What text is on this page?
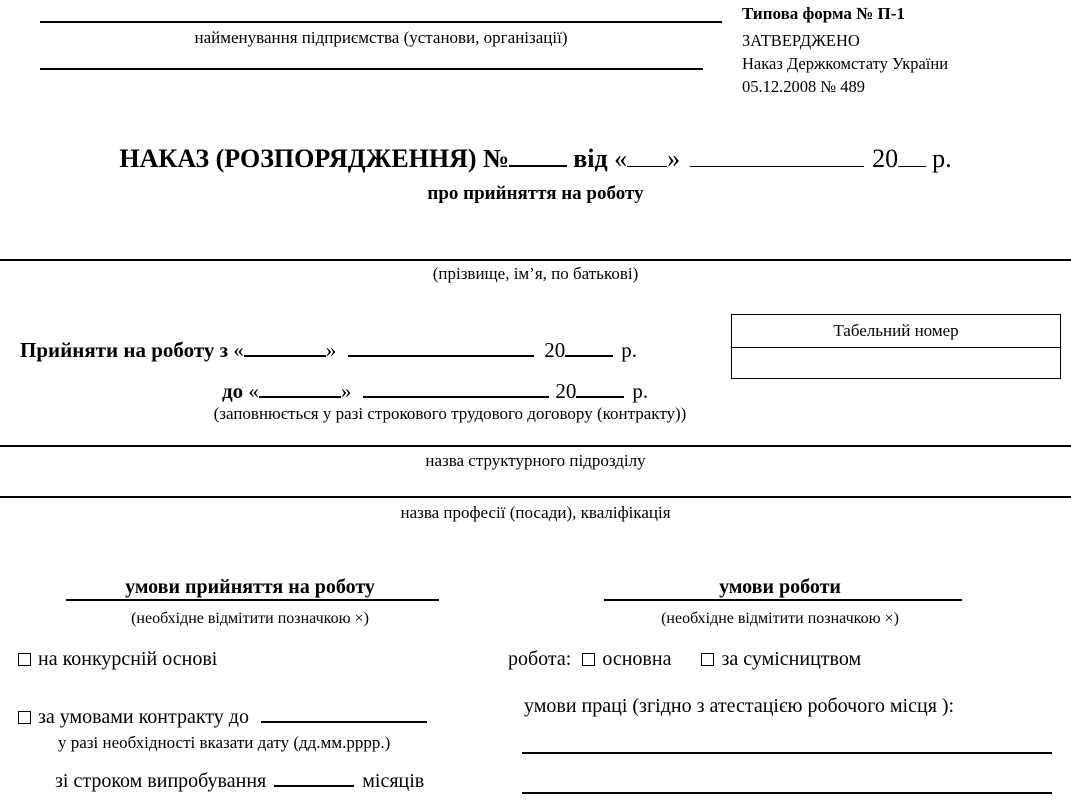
найменування підприємства (установи, організації)
Типова форма № П-1
ЗАТВЕРДЖЕНО
Наказ Держкомстату України
05.12.2008 № 489
НАКАЗ (РОЗПОРЯДЖЕННЯ) № від « »	20 р.
про прийняття на роботу
(прізвище, ім’я, по батькові)
Прийняти на роботу з «	»	20	р.
до «	»	20	р.
(заповнюється у разі строкового трудового договору (контракту))
Табельний номер

назва структурного підрозділу
назва професії (посади), кваліфікація
умови прийняття на роботу
(необхідне відмітити позначкою ×)
на конкурсній основі
за умовами контракту до
у разі необхідності вказати дату (дд.мм.рррр.)
зі строком випробування	місяців
умови роботи
(необхідне відмітити позначкою ×)
робота: основна	за сумісництвом
умови праці (згідно з атестацією робочого місця ):
